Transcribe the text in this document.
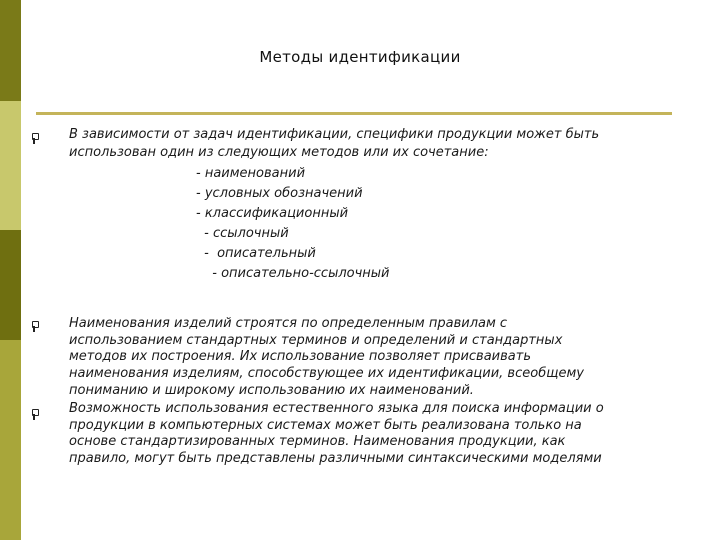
Методы идентификации
В зависимости от задач идентификации, специфики продукции может быть
использован один из следующих методов или их сочетание:
- наименований
- условных обозначений
- классификационный
- ссылочный
-  описательный
- описательно-ссылочный
Наименования изделий строятся по определенным правилам с
использованием стандартных терминов и определений и стандартных
методов их построения. Их использование позволяет присваивать
наименования изделиям, способствующее их идентификации, всеобщему
пониманию и широкому использованию их наименований.
Возможность использования естественного языка для поиска информации о
продукции в компьютерных системах может быть реализована только на
основе стандартизированных терминов. Наименования продукции, как
правило, могут быть представлены различными синтаксическими моделями
